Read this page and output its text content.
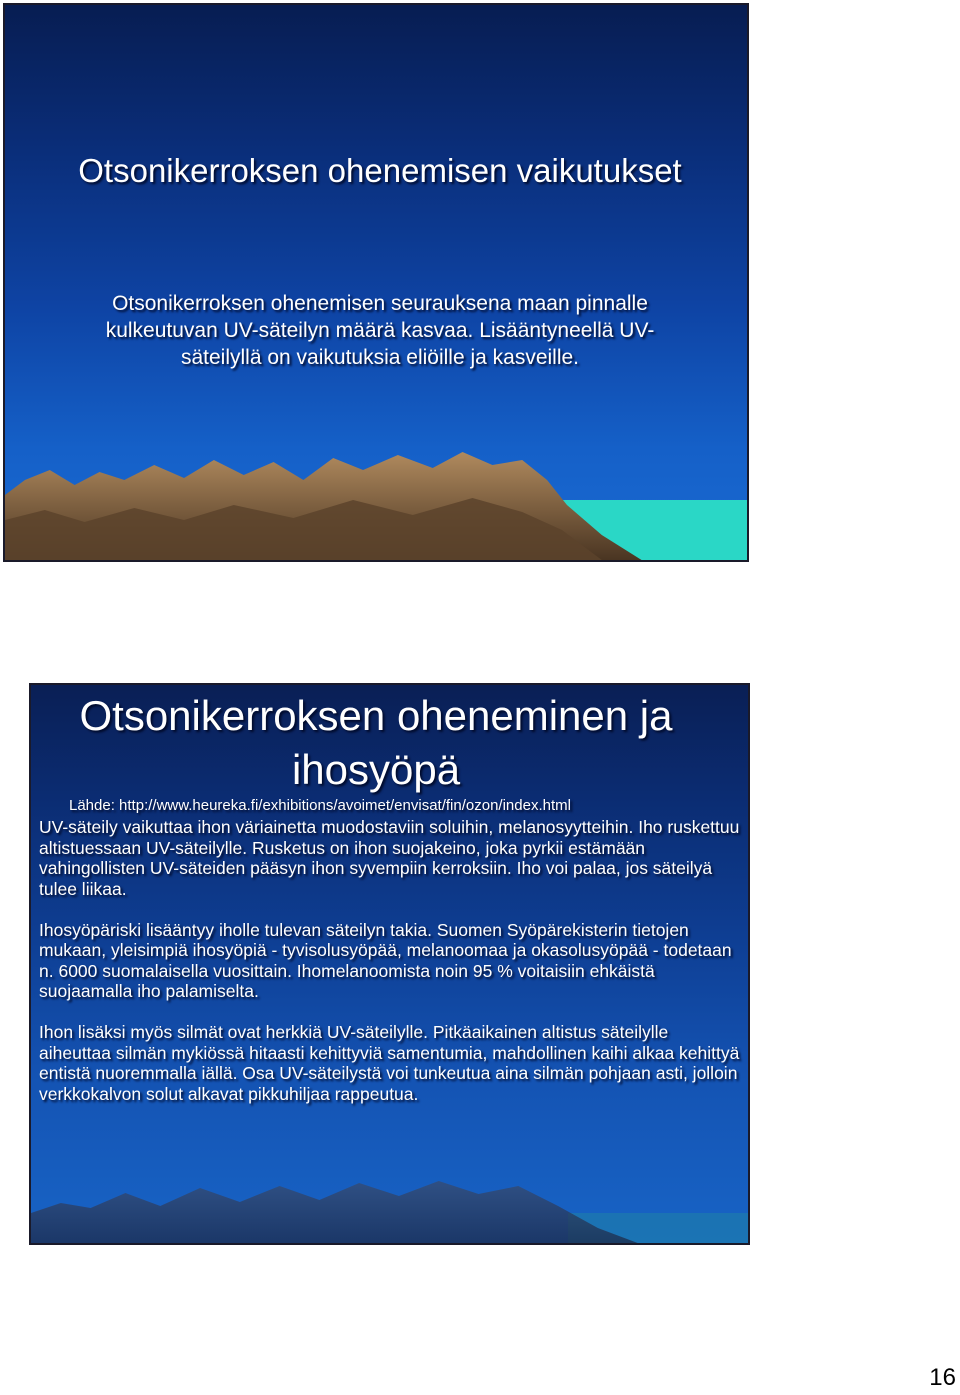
Otsonikerroksen ohenemisen vaikutukset
Otsonikerroksen ohenemisen seurauksena maan pinnalle kulkeutuvan UV-säteilyn määrä kasvaa. Lisääntyneellä UV-säteilyllä on vaikutuksia eliöille ja kasveille.
Otsonikerroksen oheneminen ja ihosyöpä
Lähde: http://www.heureka.fi/exhibitions/avoimet/envisat/fin/ozon/index.html

UV-säteily vaikuttaa ihon väriainetta muodostaviin soluihin, melanosyytteihin. Iho ruskettuu altistuessaan UV-säteilylle. Rusketus on ihon suojakeino, joka pyrkii estämään vahingollisten UV-säteiden pääsyn ihon syvempiin kerroksiin. Iho voi palaa, jos säteilyä tulee liikaa.

Ihosyöpäriski lisääntyy iholle tulevan säteilyn takia. Suomen Syöpärekisterin tietojen mukaan, yleisimpiä ihosyöpiä - tyvisolusyöpää, melanoomaa ja okasolusyöpää - todetaan n. 6000 suomalaisella vuosittain. Ihomelanoomista noin 95 % voitaisiin ehkäistä suojaamalla iho palamiselta.

Ihon lisäksi myös silmät ovat herkkiä UV-säteilylle. Pitkäaikainen altistus säteilylle aiheuttaa silmän mykiössä hitaasti kehittyviä samentumia, mahdollinen kaihi alkaa kehittyä entistä nuoremmalla iällä. Osa UV-säteilystä voi tunkeutua aina silmän pohjaan asti, jolloin verkkokalvon solut alkavat pikkuhiljaa rappeutua.

16
